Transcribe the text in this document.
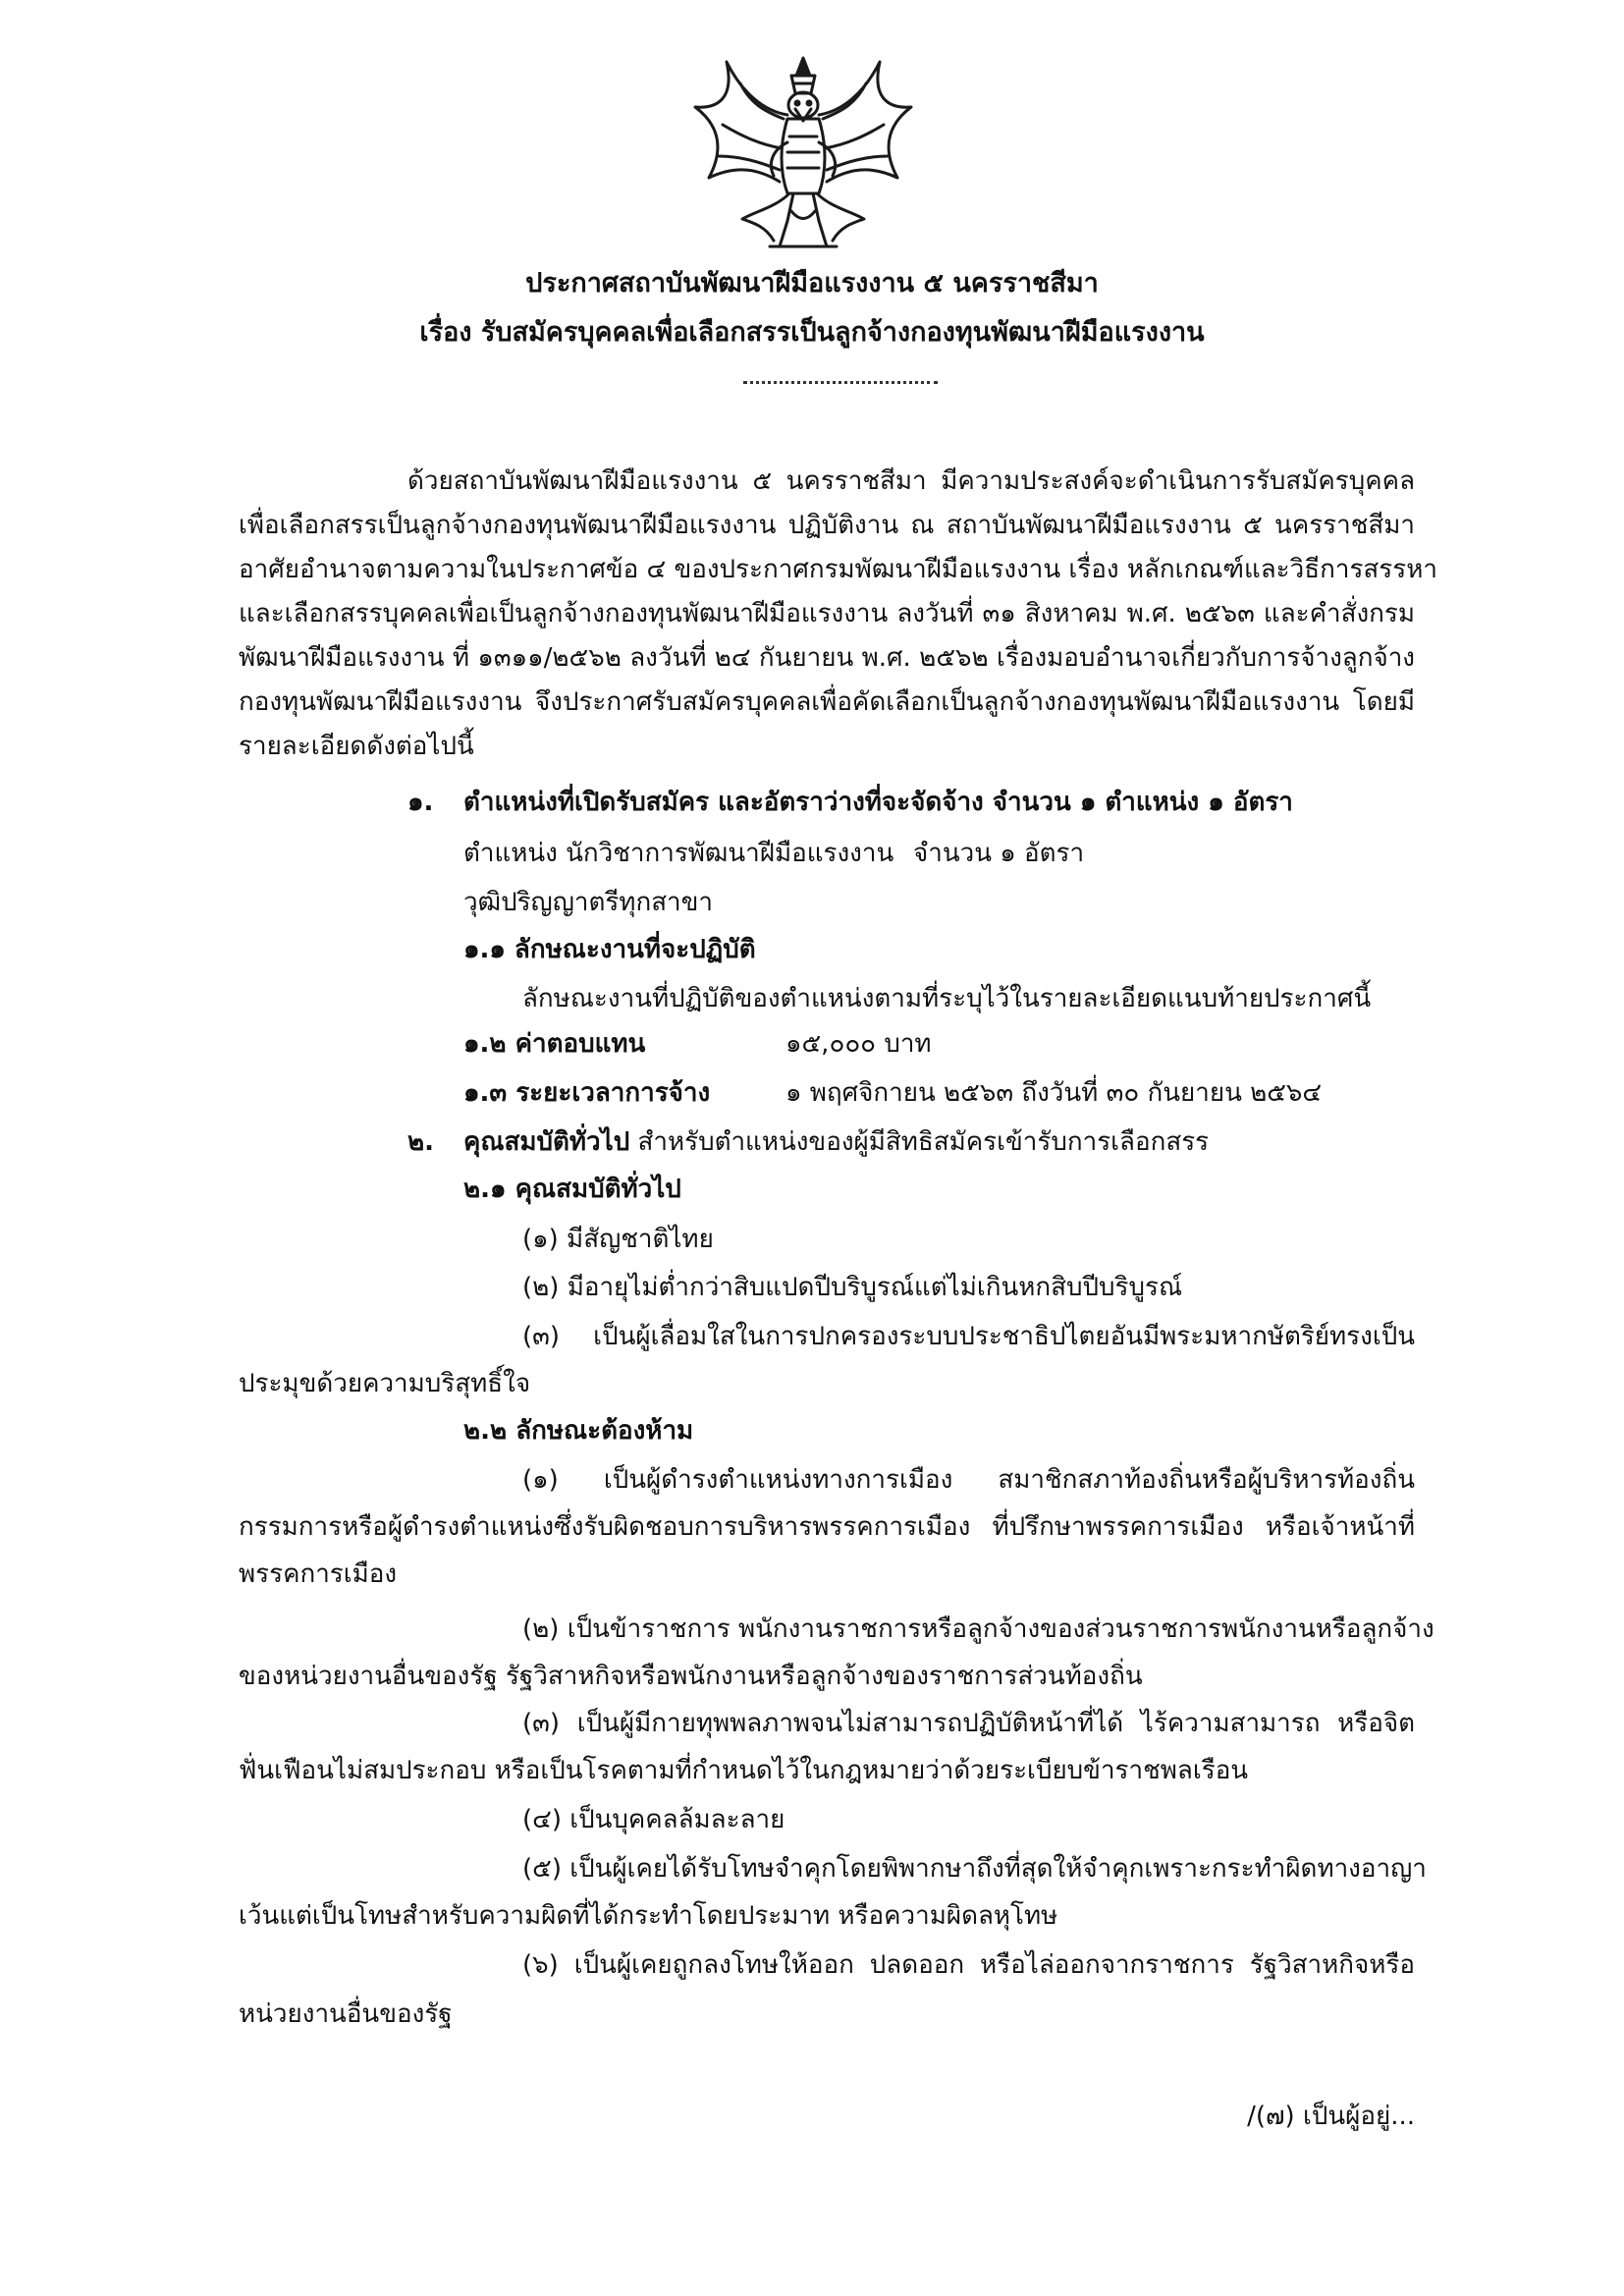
ประกาศสถาบันพัฒนาฝีมือแรงงาน ๕ นครราชสีมา
เรื่อง รับสมัครบุคคลเพื่อเลือกสรรเป็นลูกจ้างกองทุนพัฒนาฝีมือแรงงาน
ด้วยสถาบันพัฒนาฝีมือแรงงาน ๕ นครราชสีมา มีความประสงค์จะดำเนินการรับสมัครบุคคล
เพื่อเลือกสรรเป็นลูกจ้างกองทุนพัฒนาฝีมือแรงงาน ปฏิบัติงาน ณ สถาบันพัฒนาฝีมือแรงงาน ๕ นครราชสีมา
อาศัยอำนาจตามความในประกาศข้อ ๔ ของประกาศกรมพัฒนาฝีมือแรงงาน เรื่อง หลักเกณฑ์และวิธีการสรรหา
และเลือกสรรบุคคลเพื่อเป็นลูกจ้างกองทุนพัฒนาฝีมือแรงงาน ลงวันที่ ๓๑ สิงหาคม พ.ศ. ๒๕๖๓ และคำสั่งกรม
พัฒนาฝีมือแรงงาน ที่ ๑๓๑๑/๒๕๖๒ ลงวันที่ ๒๔ กันยายน พ.ศ. ๒๕๖๒ เรื่องมอบอำนาจเกี่ยวกับการจ้างลูกจ้าง
กองทุนพัฒนาฝีมือแรงงาน จึงประกาศรับสมัครบุคคลเพื่อคัดเลือกเป็นลูกจ้างกองทุนพัฒนาฝีมือแรงงาน โดยมี
รายละเอียดดังต่อไปนี้
๑. ตำแหน่งที่เปิดรับสมัคร และอัตราว่างที่จะจัดจ้าง จำนวน ๑ ตำแหน่ง ๑ อัตรา
ตำแหน่ง นักวิชาการพัฒนาฝีมือแรงงาน จำนวน ๑ อัตรา
วุฒิปริญญาตรีทุกสาขา
๑.๑ ลักษณะงานที่จะปฏิบัติ
ลักษณะงานที่ปฏิบัติของตำแหน่งตามที่ระบุไว้ในรายละเอียดแนบท้ายประกาศนี้
๑.๒ ค่าตอบแทน	๑๕,๐๐๐ บาท
๑.๓ ระยะเวลาการจ้าง	๑ พฤศจิกายน ๒๕๖๓ ถึงวันที่ ๓๐ กันยายน ๒๕๖๔
๒. คุณสมบัติทั่วไป สำหรับตำแหน่งของผู้มีสิทธิสมัครเข้ารับการเลือกสรร
๒.๑ คุณสมบัติทั่วไป
(๑) มีสัญชาติไทย
(๒) มีอายุไม่ต่ำกว่าสิบแปดปีบริบูรณ์แต่ไม่เกินหกสิบปีบริบูรณ์
(๓) เป็นผู้เลื่อมใสในการปกครองระบบประชาธิปไตยอันมีพระมหากษัตริย์ทรงเป็น
ประมุขด้วยความบริสุทธิ์ใจ
๒.๒ ลักษณะต้องห้าม
(๑) เป็นผู้ดำรงตำแหน่งทางการเมือง สมาชิกสภาท้องถิ่นหรือผู้บริหารท้องถิ่น
กรรมการหรือผู้ดำรงตำแหน่งซึ่งรับผิดชอบการบริหารพรรคการเมือง ที่ปรึกษาพรรคการเมือง หรือเจ้าหน้าที่
พรรคการเมือง
(๒) เป็นข้าราชการ พนักงานราชการหรือลูกจ้างของส่วนราชการพนักงานหรือลูกจ้าง
ของหน่วยงานอื่นของรัฐ รัฐวิสาหกิจหรือพนักงานหรือลูกจ้างของราชการส่วนท้องถิ่น
(๓) เป็นผู้มีกายทุพพลภาพจนไม่สามารถปฏิบัติหน้าที่ได้ ไร้ความสามารถ หรือจิต
ฟั่นเฟือนไม่สมประกอบ หรือเป็นโรคตามที่กำหนดไว้ในกฎหมายว่าด้วยระเบียบข้าราชพลเรือน
(๔) เป็นบุคคลล้มละลาย
(๕) เป็นผู้เคยได้รับโทษจำคุกโดยพิพากษาถึงที่สุดให้จำคุกเพราะกระทำผิดทางอาญา
เว้นแต่เป็นโทษสำหรับความผิดที่ได้กระทำโดยประมาท หรือความผิดลหุโทษ
(๖) เป็นผู้เคยถูกลงโทษให้ออก ปลดออก หรือไล่ออกจากราชการ รัฐวิสาหกิจหรือ
หน่วยงานอื่นของรัฐ
/(๗) เป็นผู้อยู่...
